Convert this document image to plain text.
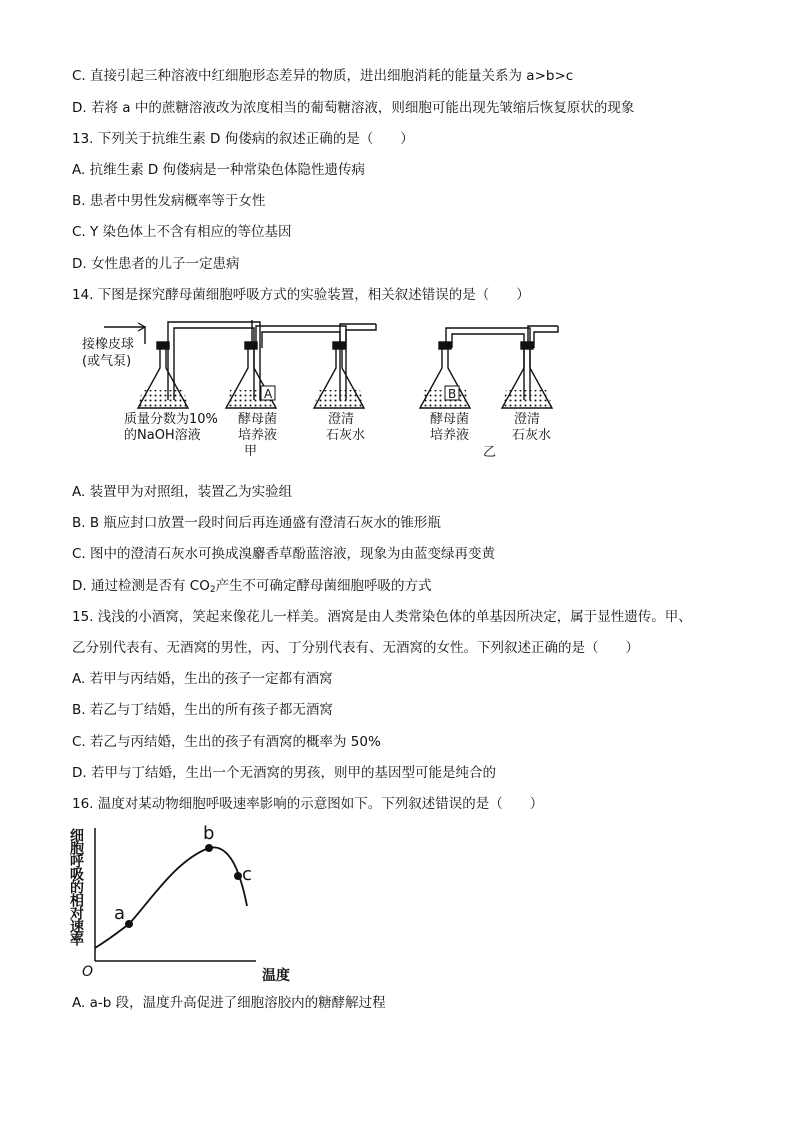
C. 直接引起三种溶液中红细胞形态差异的物质，进出细胞消耗的能量关系为 a>b>c
D. 若将 a 中的蔗糖溶液改为浓度相当的葡萄糖溶液，则细胞可能出现先皱缩后恢复原状的现象
13. 下列关于抗维生素 D 佝偻病的叙述正确的是（　　）
A. 抗维生素 D 佝偻病是一种常染色体隐性遗传病
B. 患者中男性发病概率等于女性
C. Y 染色体上不含有相应的等位基因
D. 女性患者的儿子一定患病
14. 下图是探究酵母菌细胞呼吸方式的实验装置，相关叙述错误的是（　　）
A	B
接橡皮球
(或气泵)
质量分数为10%
的NaOH溶液
酵母菌
培养液
甲
澄清
石灰水
酵母菌
培养液
澄清
石灰水
乙
A. 装置甲为对照组，装置乙为实验组
B. B 瓶应封口放置一段时间后再连通盛有澄清石灰水的锥形瓶
C. 图中的澄清石灰水可换成溴麝香草酚蓝溶液，现象为由蓝变绿再变黄
D. 通过检测是否有 $CO_2$产生不可确定酵母菌细胞呼吸的方式
15. 浅浅的小酒窝，笑起来像花儿一样美。酒窝是由人类常染色体的单基因所决定，属于显性遗传。甲、
乙分别代表有、无酒窝的男性，丙、丁分别代表有、无酒窝的女性。下列叙述正确的是（　　）
A. 若甲与丙结婚，生出的孩子一定都有酒窝
B. 若乙与丁结婚，生出的所有孩子都无酒窝
C. 若乙与丙结婚，生出的孩子有酒窝的概率为 50%
D. 若甲与丁结婚，生出一个无酒窝的男孩，则甲的基因型可能是纯合的
16. 温度对某动物细胞呼吸速率影响的示意图如下。下列叙述错误的是（　　）
a
b
c
O	温度
细胞呼吸的相对速率
A. a-b 段，温度升高促进了细胞溶胶内的糖酵解过程
